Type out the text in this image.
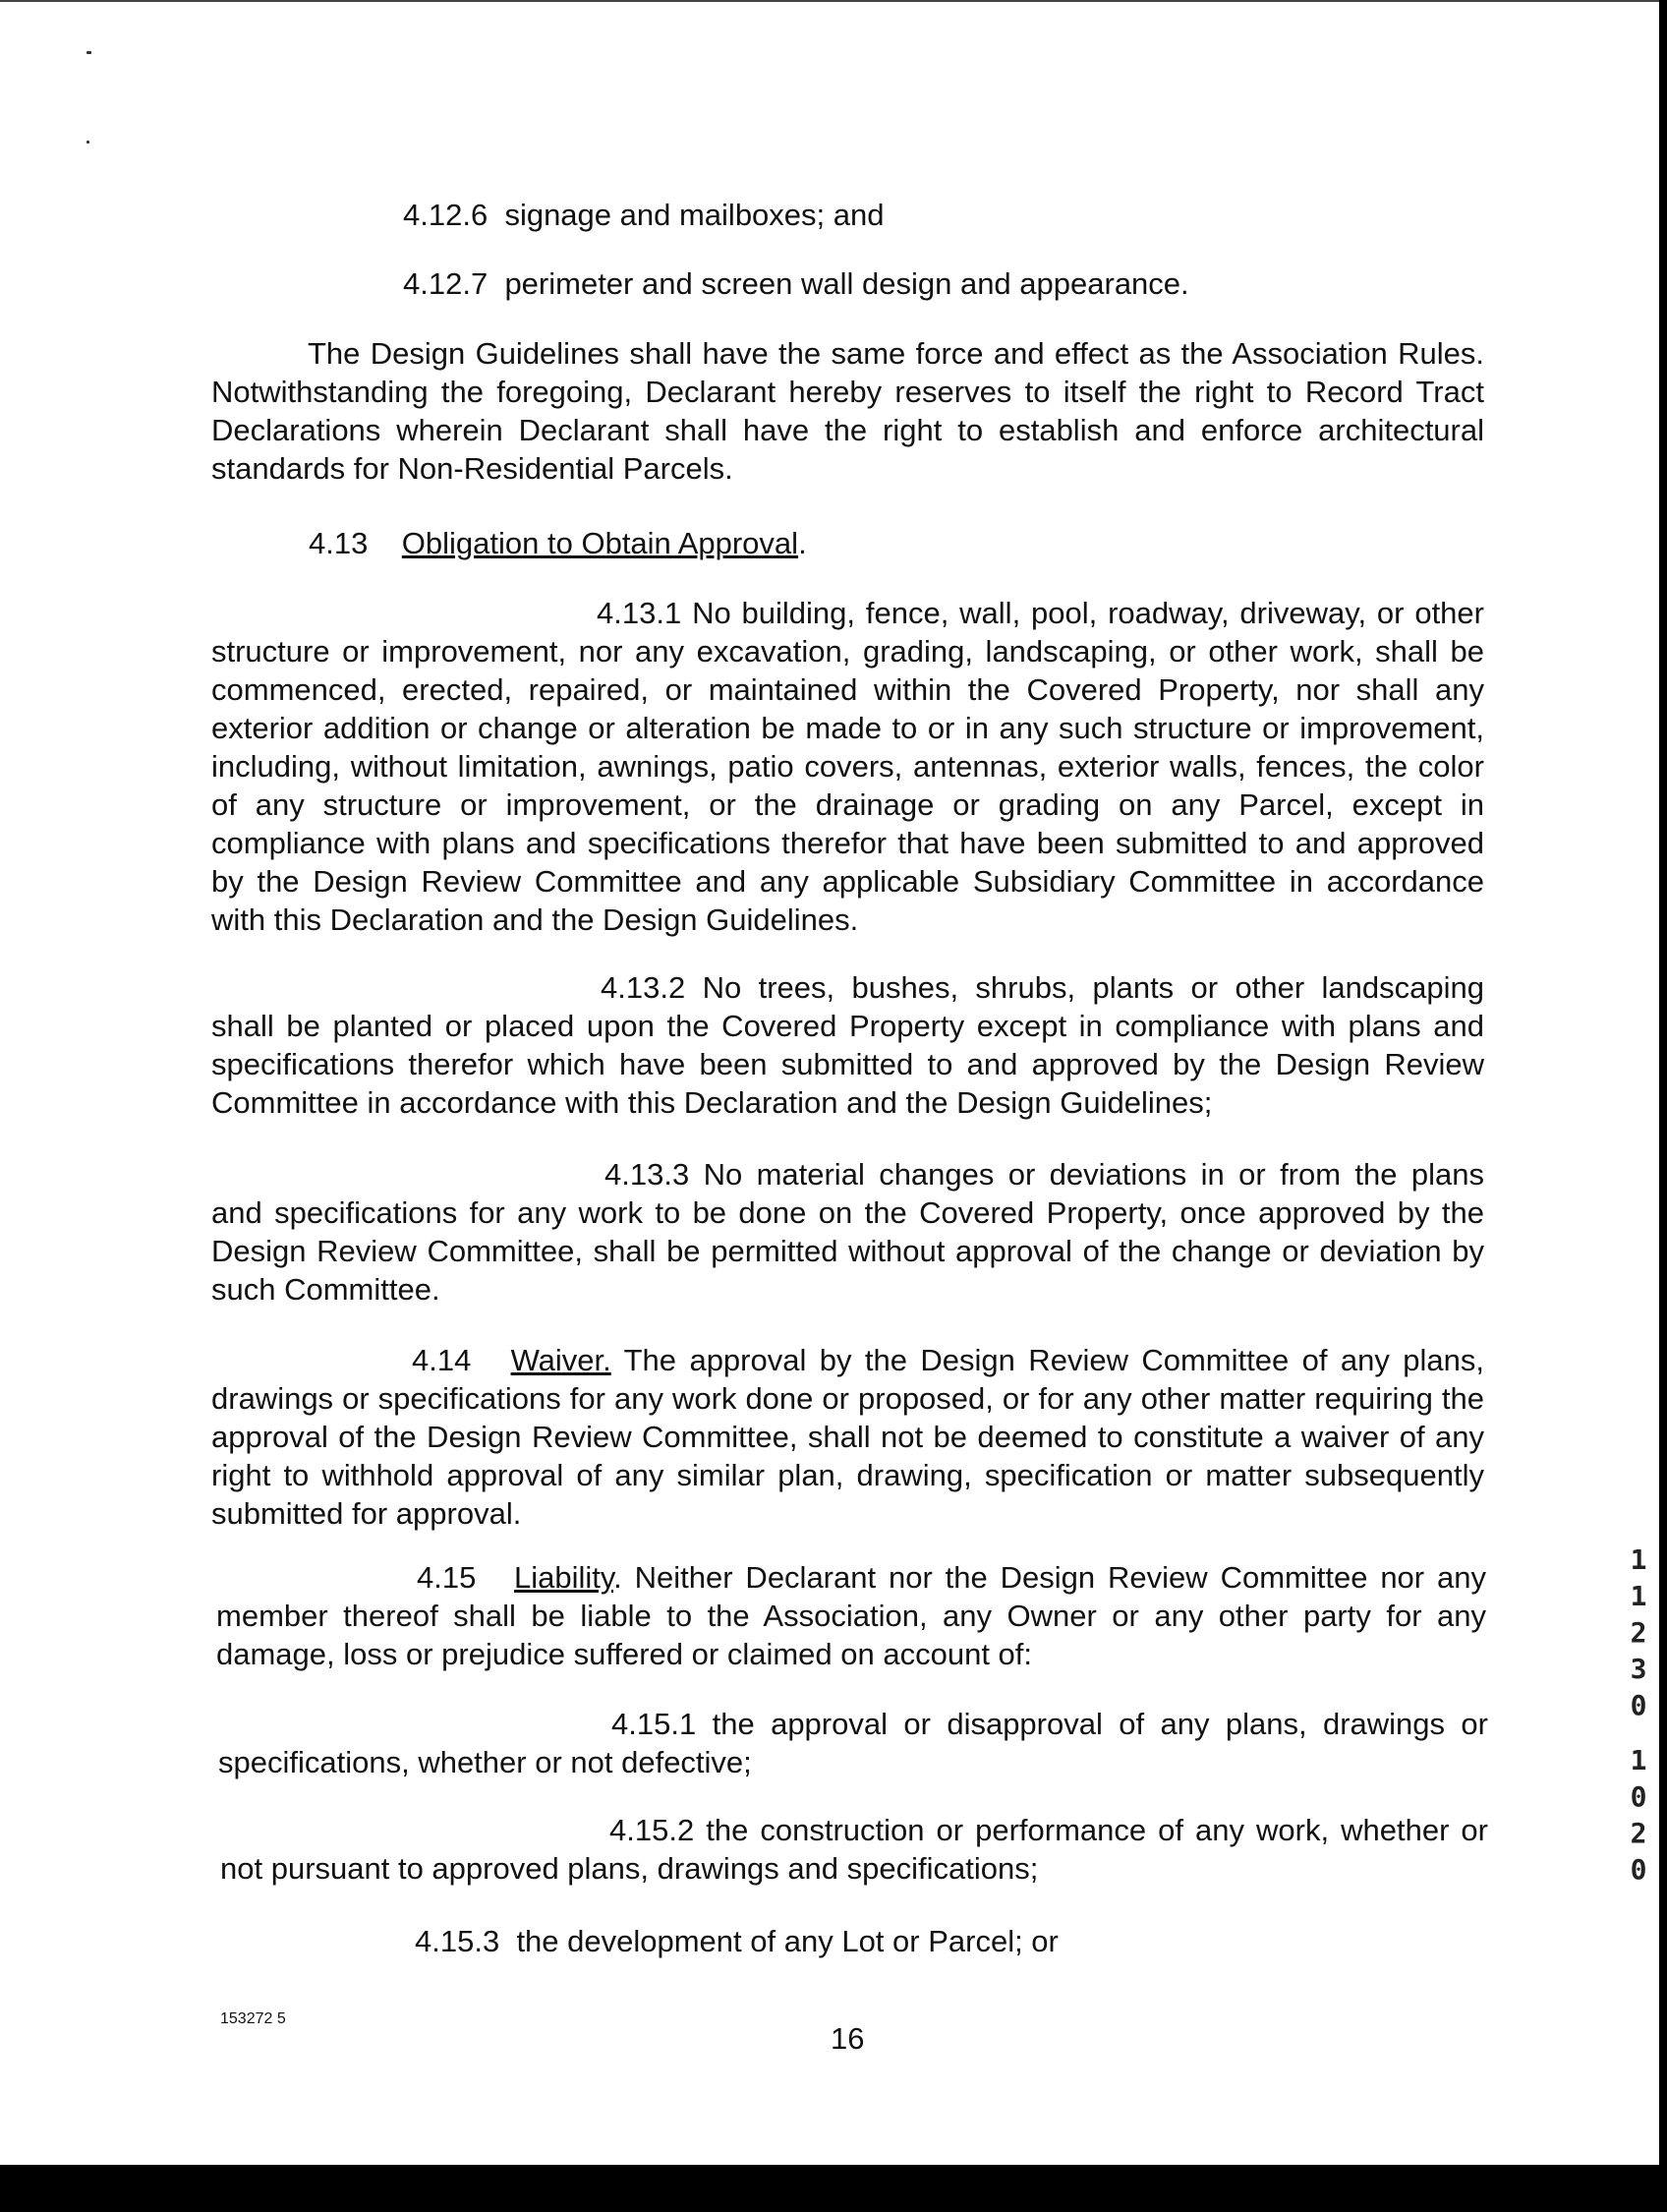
4.12.6 signage and mailboxes; and
4.12.7 perimeter and screen wall design and appearance.
The Design Guidelines shall have the same force and effect as the Association Rules. Notwithstanding the foregoing, Declarant hereby reserves to itself the right to Record Tract Declarations wherein Declarant shall have the right to establish and enforce architectural standards for Non-Residential Parcels.
4.13 Obligation to Obtain Approval.
4.13.1 No building, fence, wall, pool, roadway, driveway, or other structure or improvement, nor any excavation, grading, landscaping, or other work, shall be commenced, erected, repaired, or maintained within the Covered Property, nor shall any exterior addition or change or alteration be made to or in any such structure or improvement, including, without limitation, awnings, patio covers, antennas, exterior walls, fences, the color of any structure or improvement, or the drainage or grading on any Parcel, except in compliance with plans and specifications therefor that have been submitted to and approved by the Design Review Committee and any applicable Subsidiary Committee in accordance with this Declaration and the Design Guidelines.
4.13.2 No trees, bushes, shrubs, plants or other landscaping shall be planted or placed upon the Covered Property except in compliance with plans and specifications therefor which have been submitted to and approved by the Design Review Committee in accordance with this Declaration and the Design Guidelines;
4.13.3 No material changes or deviations in or from the plans and specifications for any work to be done on the Covered Property, once approved by the Design Review Committee, shall be permitted without approval of the change or deviation by such Committee.
4.14 Waiver. The approval by the Design Review Committee of any plans, drawings or specifications for any work done or proposed, or for any other matter requiring the approval of the Design Review Committee, shall not be deemed to constitute a waiver of any right to withhold approval of any similar plan, drawing, specification or matter subsequently submitted for approval.
4.15 Liability. Neither Declarant nor the Design Review Committee nor any member thereof shall be liable to the Association, any Owner or any other party for any damage, loss or prejudice suffered or claimed on account of:
4.15.1 the approval or disapproval of any plans, drawings or specifications, whether or not defective;
4.15.2 the construction or performance of any work, whether or not pursuant to approved plans, drawings and specifications;
4.15.3 the development of any Lot or Parcel; or
16
153272 5
1
1
2
3
0
1
0
2
0
